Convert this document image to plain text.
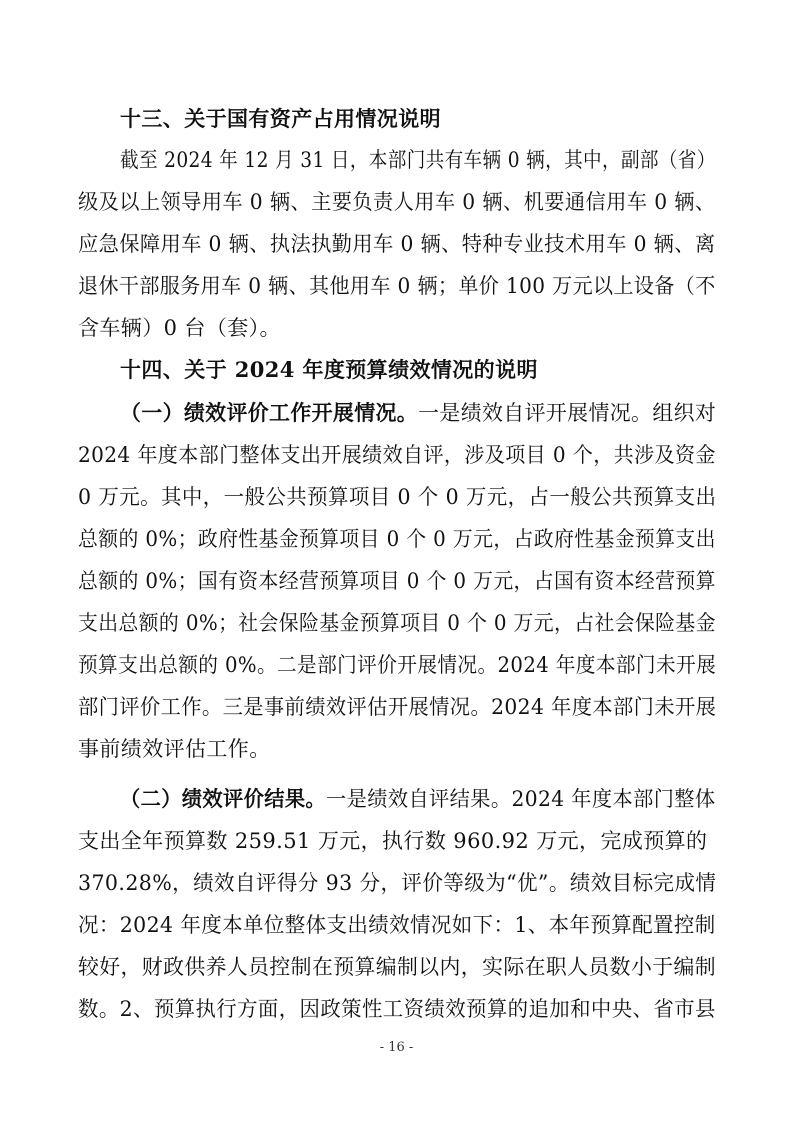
十三、关于国有资产占用情况说明
截至 2024 年 12 月 31 日，本部门共有车辆 0 辆，其中，副部（省）
级及以上领导用车 0 辆、主要负责人用车 0 辆、机要通信用车 0 辆、
应急保障用车 0 辆、执法执勤用车 0 辆、特种专业技术用车 0 辆、离
退休干部服务用车 0 辆、其他用车 0 辆；单价 100 万元以上设备（不
含车辆）0 台（套）。
十四、关于 2024 年度预算绩效情况的说明
（一）绩效评价工作开展情况。一是绩效自评开展情况。组织对
2024 年度本部门整体支出开展绩效自评，涉及项目 0 个，共涉及资金
0 万元。其中，一般公共预算项目 0 个 0 万元，占一般公共预算支出
总额的 0%；政府性基金预算项目 0 个 0 万元，占政府性基金预算支出
总额的 0%；国有资本经营预算项目 0 个 0 万元，占国有资本经营预算
支出总额的 0%；社会保险基金预算项目 0 个 0 万元，占社会保险基金
预算支出总额的 0%。二是部门评价开展情况。2024 年度本部门未开展
部门评价工作。三是事前绩效评估开展情况。2024 年度本部门未开展
事前绩效评估工作。
（二）绩效评价结果。一是绩效自评结果。2024 年度本部门整体
支出全年预算数 259.51 万元，执行数 960.92 万元，完成预算的
370.28%，绩效自评得分 93 分，评价等级为“优”。绩效目标完成情
况：2024 年度本单位整体支出绩效情况如下：1、本年预算配置控制
较好，财政供养人员控制在预算编制以内，实际在职人员数小于编制
数。2、预算执行方面，因政策性工资绩效预算的追加和中央、省市县
- 16 -
